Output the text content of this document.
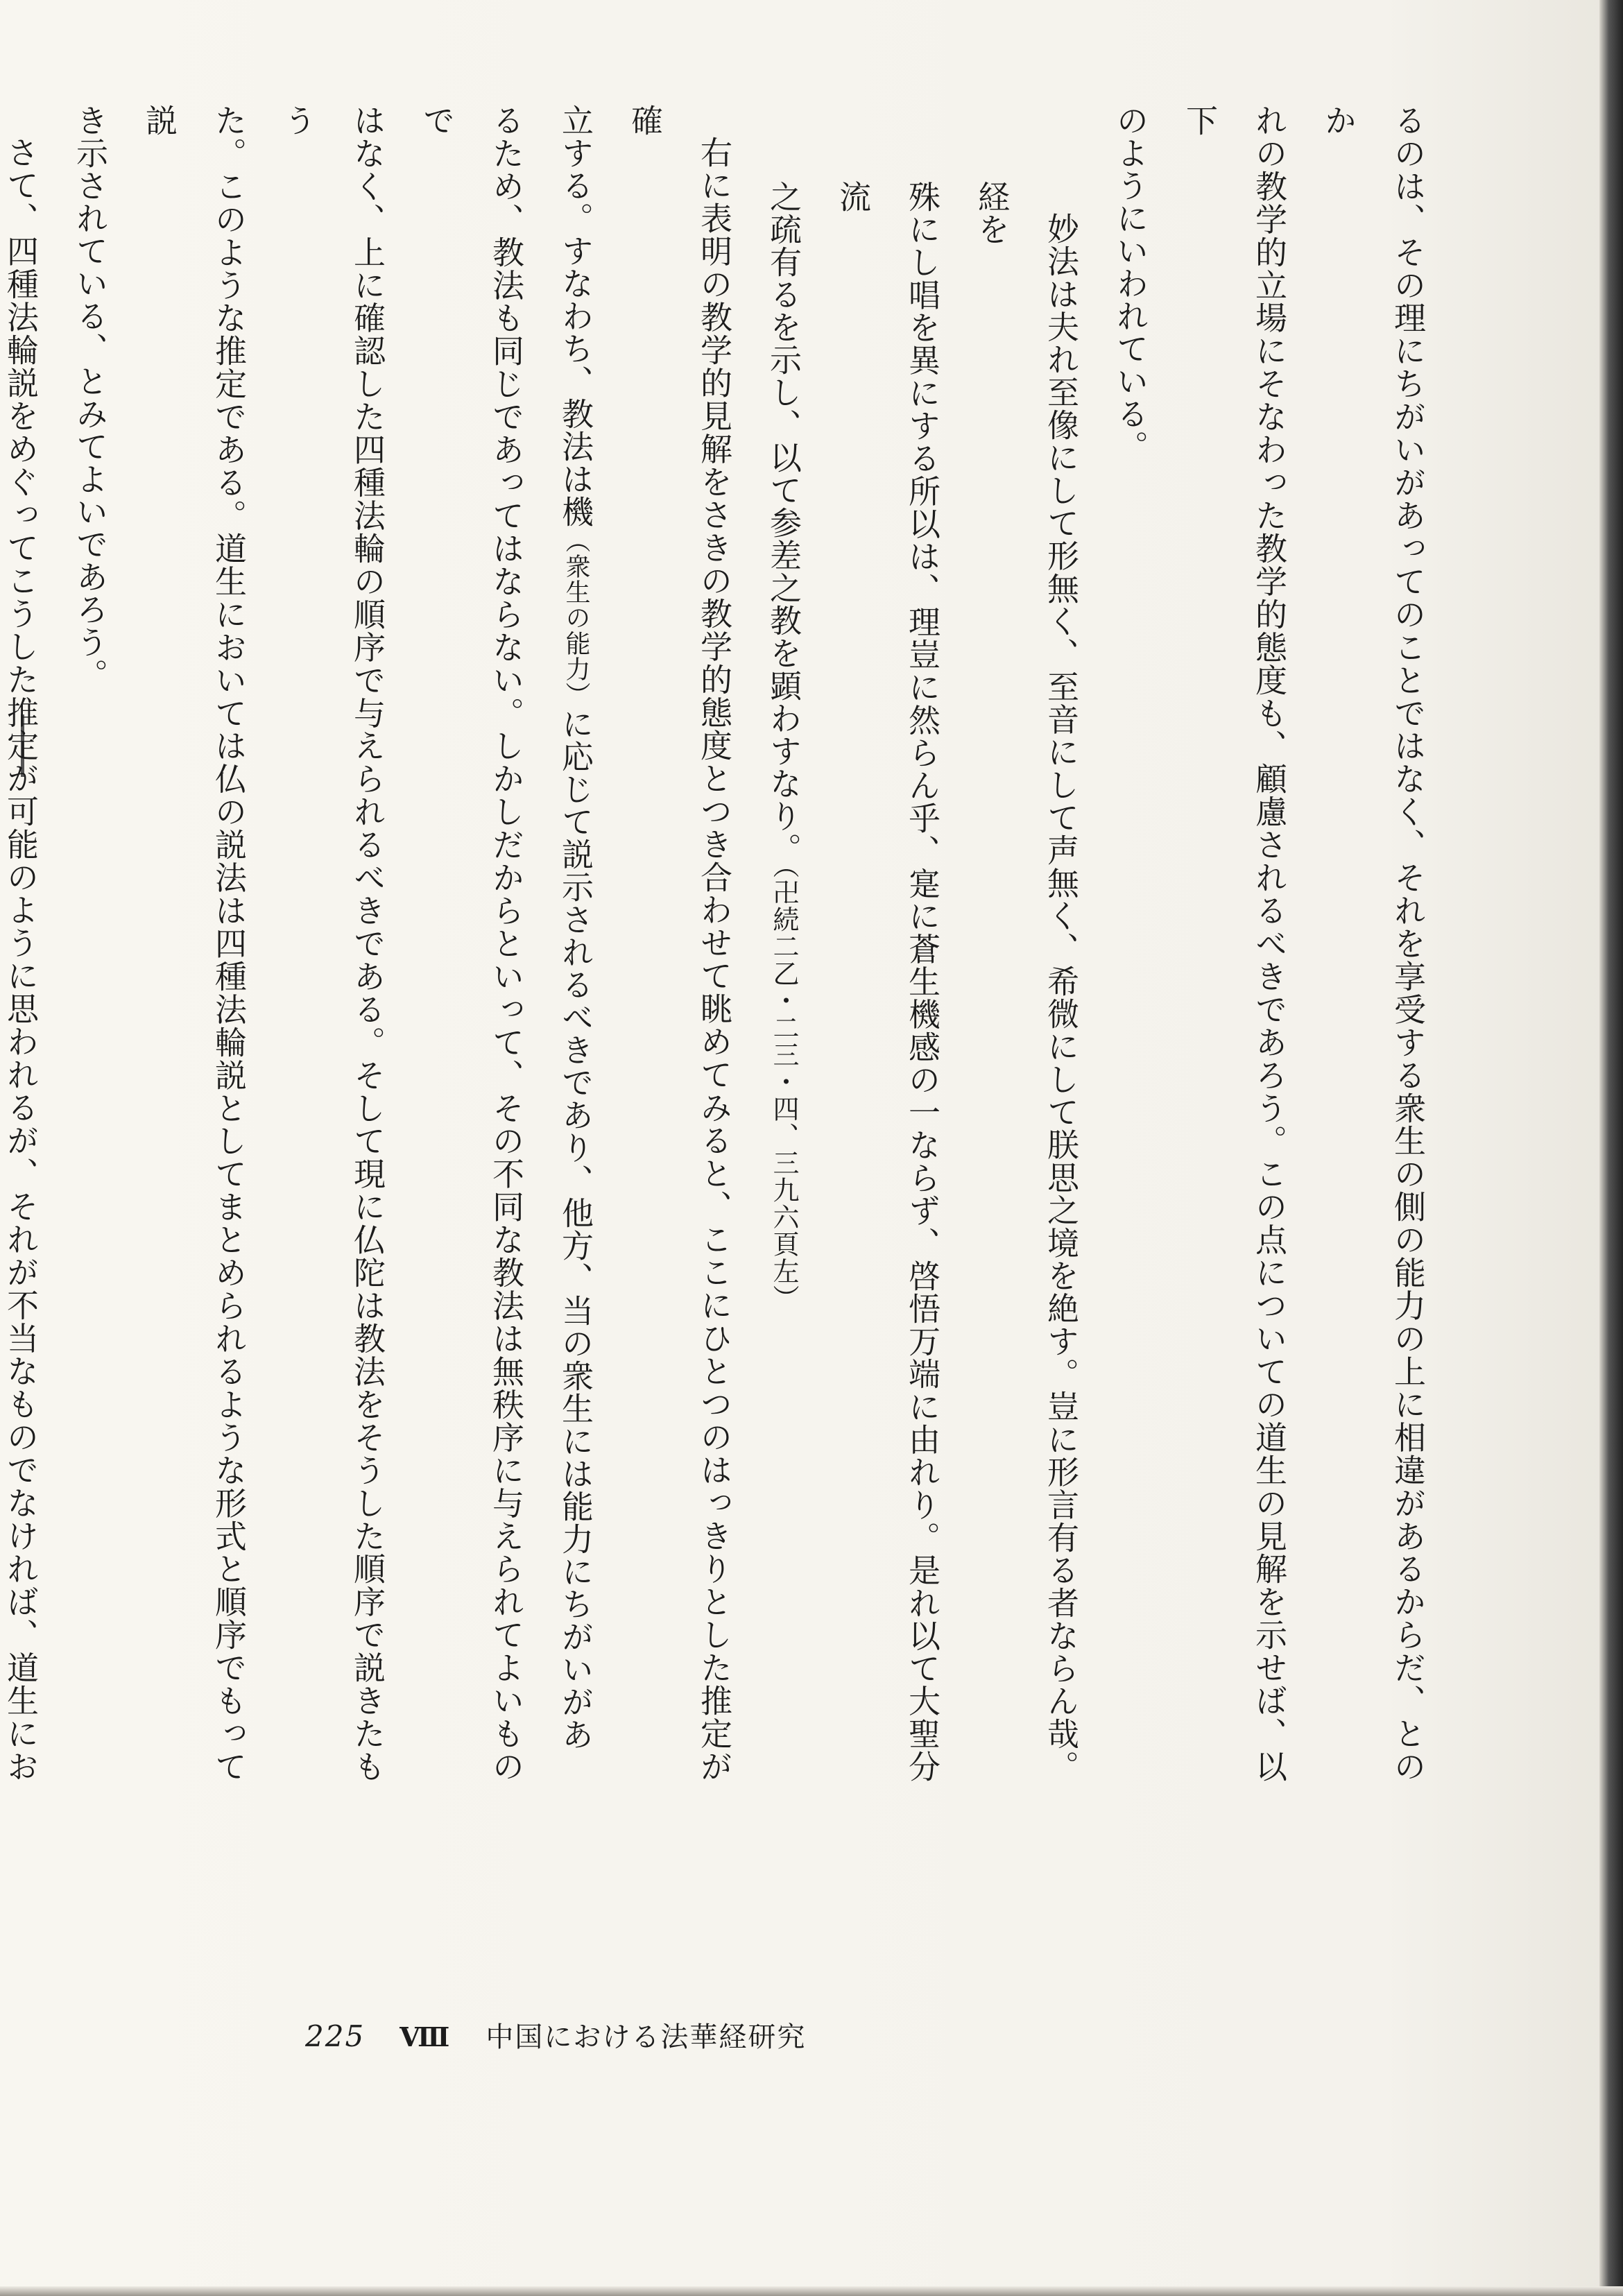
るのは、その理にちがいがあってのことではなく、それを享受する衆生の側の能力の上に相違があるからだ、とのか

れの教学的立場にそなわった教学的態度も、顧慮されるべきであろう。この点についての道生の見解を示せば、以下

のようにいわれている。

妙法は夫れ至像にして形無く、至音にして声無く、希微にして朕思之境を絶す。豈に形言有る者ならん哉。経を

殊にし唱を異にする所以は、理豈に然らん乎、寔に蒼生機感の一ならず、啓悟万端に由れり。是れ以て大聖分流

之疏有るを示し、以て参差之教を顕わすなり。（卍続二乙・二三・四、三九六頁左）

右に表明の教学的見解をさきの教学的態度とつき合わせて眺めてみると、ここにひとつのはっきりとした推定が確

立する。すなわち、教法は機（衆生の能力）に応じて説示されるべきであり、他方、当の衆生には能力にちがいがあ

るため、教法も同じであってはならない。しかしだからといって、その不同な教法は無秩序に与えられてよいもので

はなく、上に確認した四種法輪の順序で与えられるべきである。そして現に仏陀は教法をそうした順序で説きたもう

た。このような推定である。道生においては仏の説法は四種法輪説としてまとめられるような形式と順序でもって説

き示されている、とみてよいであろう。

さて、四種法輪説をめぐってこうした推定が可能のように思われるが、それが不当なものでなければ、道生にお

225 Ⅷ 中国における法華経研究
